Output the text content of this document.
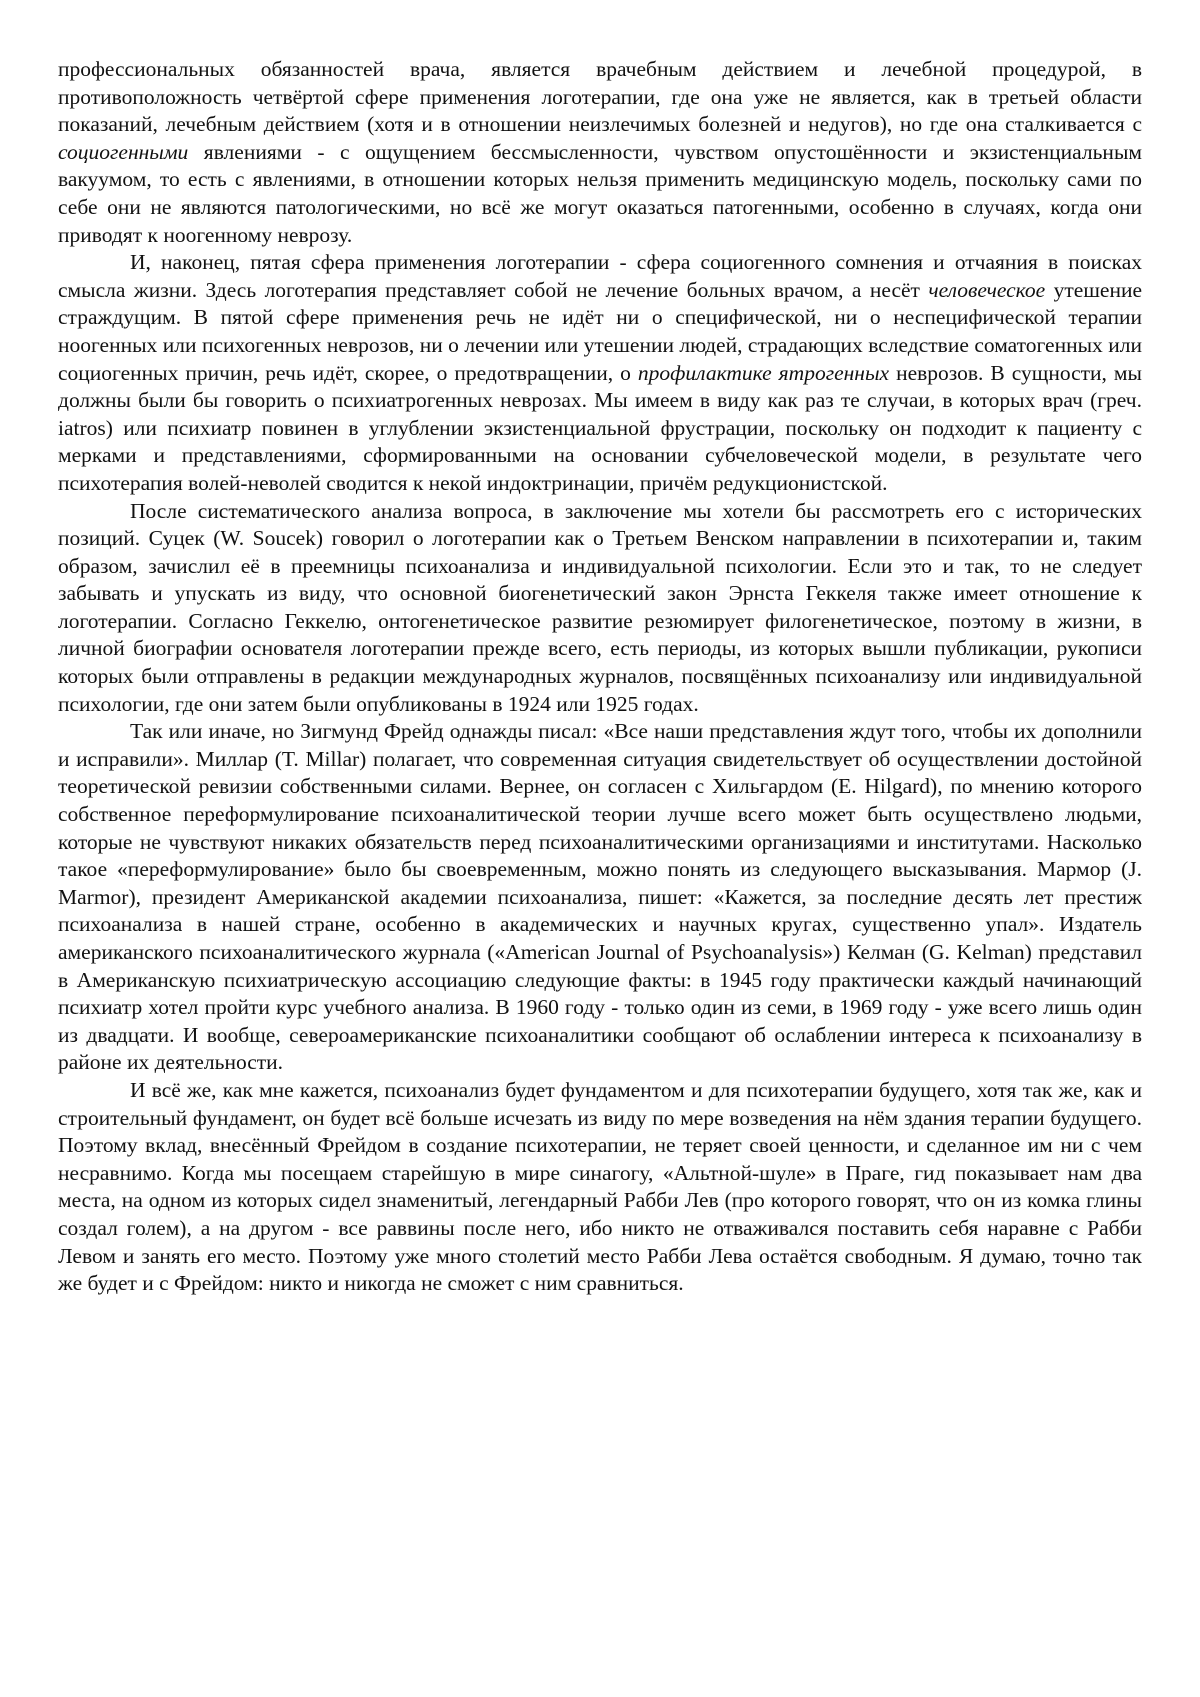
профессиональных обязанностей врача, является врачебным действием и лечебной процедурой, в противоположность четвёртой сфере применения логотерапии, где она уже не является, как в третьей области показаний, лечебным действием (хотя и в отношении неизлечимых болезней и недугов), но где она сталкивается с социогенными явлениями - с ощущением бессмысленности, чувством опустошённости и экзистенциальным вакуумом, то есть с явлениями, в отношении которых нельзя применить медицинскую модель, поскольку сами по себе они не являются патологическими, но всё же могут оказаться патогенными, особенно в случаях, когда они приводят к ноогенному неврозу.

И, наконец, пятая сфера применения логотерапии - сфера социогенного сомнения и отчаяния в поисках смысла жизни. Здесь логотерапия представляет собой не лечение больных врачом, а несёт человеческое утешение страждущим. В пятой сфере применения речь не идёт ни о специфической, ни о неспецифической терапии ноогенных или психогенных неврозов, ни о лечении или утешении людей, страдающих вследствие соматогенных или социогенных причин, речь идёт, скорее, о предотвращении, о профилактике ятрогенных неврозов. В сущности, мы должны были бы говорить о психиатрогенных неврозах. Мы имеем в виду как раз те случаи, в которых врач (греч. iatros) или психиатр повинен в углублении экзистенциальной фрустрации, поскольку он подходит к пациенту с мерками и представлениями, сформированными на основании субчеловеческой модели, в результате чего психотерапия волей-неволей сводится к некой индоктринации, причём редукционистской.

После систематического анализа вопроса, в заключение мы хотели бы рассмотреть его с исторических позиций. Суцек (W. Soucek) говорил о логотерапии как о Третьем Венском направлении в психотерапии и, таким образом, зачислил её в преемницы психоанализа и индивидуальной психологии. Если это и так, то не следует забывать и упускать из виду, что основной биогенетический закон Эрнста Геккеля также имеет отношение к логотерапии. Согласно Геккелю, онтогенетическое развитие резюмирует филогенетическое, поэтому в жизни, в личной биографии основателя логотерапии прежде всего, есть периоды, из которых вышли публикации, рукописи которых были отправлены в редакции международных журналов, посвящённых психоанализу или индивидуальной психологии, где они затем были опубликованы в 1924 или 1925 годах.

Так или иначе, но Зигмунд Фрейд однажды писал: «Все наши представления ждут того, чтобы их дополнили и исправили». Миллар (T. Millar) полагает, что современная ситуация свидетельствует об осуществлении достойной теоретической ревизии собственными силами. Вернее, он согласен с Хильгардом (E. Hilgard), по мнению которого собственное переформулирование психоаналитической теории лучше всего может быть осуществлено людьми, которые не чувствуют никаких обязательств перед психоаналитическими организациями и институтами. Насколько такое «переформулирование» было бы своевременным, можно понять из следующего высказывания. Мармор (J. Marmor), президент Американской академии психоанализа, пишет: «Кажется, за последние десять лет престиж психоанализа в нашей стране, особенно в академических и научных кругах, существенно упал». Издатель американского психоаналитического журнала («American Journal of Psychoanalysis») Келман (G. Kelman) представил в Американскую психиатрическую ассоциацию следующие факты: в 1945 году практически каждый начинающий психиатр хотел пройти курс учебного анализа. В 1960 году - только один из семи, в 1969 году - уже всего лишь один из двадцати. И вообще, североамериканские психоаналитики сообщают об ослаблении интереса к психоанализу в районе их деятельности.

И всё же, как мне кажется, психоанализ будет фундаментом и для психотерапии будущего, хотя так же, как и строительный фундамент, он будет всё больше исчезать из виду по мере возведения на нём здания терапии будущего. Поэтому вклад, внесённый Фрейдом в создание психотерапии, не теряет своей ценности, и сделанное им ни с чем несравнимо. Когда мы посещаем старейшую в мире синагогу, «Альтной-шуле» в Праге, гид показывает нам два места, на одном из которых сидел знаменитый, легендарный Рабби Лев (про которого говорят, что он из комка глины создал голем), а на другом - все раввины после него, ибо никто не отваживался поставить себя наравне с Рабби Левом и занять его место. Поэтому уже много столетий место Рабби Лева остаётся свободным. Я думаю, точно так же будет и с Фрейдом: никто и никогда не сможет с ним сравниться.
